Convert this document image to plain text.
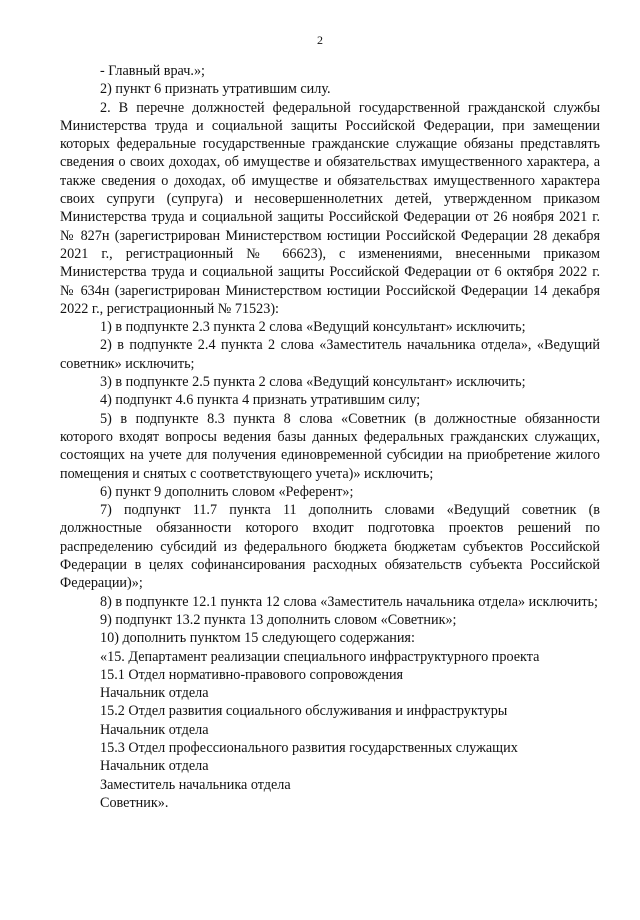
2

- Главный врач.»;

2) пункт 6 признать утратившим силу.

2. В перечне должностей федеральной государственной гражданской службы Министерства труда и социальной защиты Российской Федерации, при замещении которых федеральные государственные гражданские служащие обязаны представлять сведения о своих доходах, об имуществе и обязательствах имущественного характера, а также сведения о доходах, об имуществе и обязательствах имущественного характера своих супруги (супруга) и несовершеннолетних детей, утвержденном приказом Министерства труда и социальной защиты Российской Федерации от 26 ноября 2021 г. № 827н (зарегистрирован Министерством юстиции Российской Федерации 28 декабря 2021 г., регистрационный № 66623), с изменениями, внесенными приказом Министерства труда и социальной защиты Российской Федерации от 6 октября 2022 г. № 634н (зарегистрирован Министерством юстиции Российской Федерации 14 декабря 2022 г., регистрационный № 71523):

1) в подпункте 2.3 пункта 2 слова «Ведущий консультант» исключить;

2) в подпункте 2.4 пункта 2 слова «Заместитель начальника отдела», «Ведущий советник» исключить;

3) в подпункте 2.5 пункта 2 слова «Ведущий консультант» исключить;

4) подпункт 4.6 пункта 4 признать утратившим силу;

5) в подпункте 8.3 пункта 8 слова «Советник (в должностные обязанности которого входят вопросы ведения базы данных федеральных гражданских служащих, состоящих на учете для получения единовременной субсидии на приобретение жилого помещения и снятых с соответствующего учета)» исключить;

6) пункт 9 дополнить словом «Референт»;

7) подпункт 11.7 пункта 11 дополнить словами «Ведущий советник (в должностные обязанности которого входит подготовка проектов решений по распределению субсидий из федерального бюджета бюджетам субъектов Российской Федерации в целях софинансирования расходных обязательств субъекта Российской Федерации)»;

8) в подпункте 12.1 пункта 12 слова «Заместитель начальника отдела» исключить;

9) подпункт 13.2 пункта 13 дополнить словом «Советник»;

10) дополнить пунктом 15 следующего содержания:

«15. Департамент реализации специального инфраструктурного проекта

15.1 Отдел нормативно-правового сопровождения

Начальник отдела

15.2 Отдел развития социального обслуживания и инфраструктуры

Начальник отдела

15.3 Отдел профессионального развития государственных служащих

Начальник отдела

Заместитель начальника отдела

Советник».
